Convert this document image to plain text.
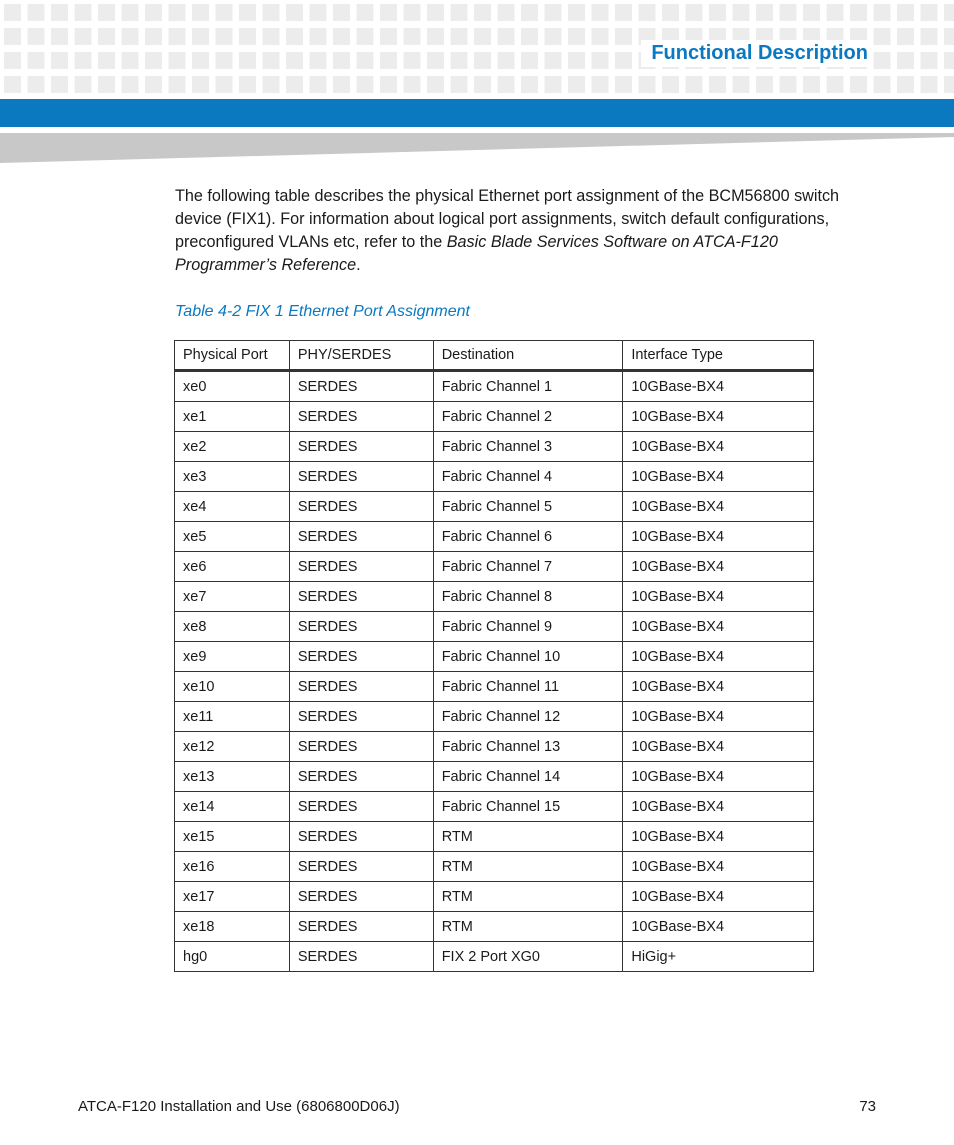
Functional Description

The following table describes the physical Ethernet port assignment of the BCM56800 switch device (FIX1). For information about logical port assignments, switch default configurations, preconfigured VLANs etc, refer to the Basic Blade Services Software on ATCA-F120 Programmer’s Reference.

Table 4-2 FIX 1 Ethernet Port Assignment
Physical Port	PHY/SERDES	Destination	Interface Type
xe0	SERDES	Fabric Channel 1	10GBase-BX4
xe1	SERDES	Fabric Channel 2	10GBase-BX4
xe2	SERDES	Fabric Channel 3	10GBase-BX4
xe3	SERDES	Fabric Channel 4	10GBase-BX4
xe4	SERDES	Fabric Channel 5	10GBase-BX4
xe5	SERDES	Fabric Channel 6	10GBase-BX4
xe6	SERDES	Fabric Channel 7	10GBase-BX4
xe7	SERDES	Fabric Channel 8	10GBase-BX4
xe8	SERDES	Fabric Channel 9	10GBase-BX4
xe9	SERDES	Fabric Channel 10	10GBase-BX4
xe10	SERDES	Fabric Channel 11	10GBase-BX4
xe11	SERDES	Fabric Channel 12	10GBase-BX4
xe12	SERDES	Fabric Channel 13	10GBase-BX4
xe13	SERDES	Fabric Channel 14	10GBase-BX4
xe14	SERDES	Fabric Channel 15	10GBase-BX4
xe15	SERDES	RTM	10GBase-BX4
xe16	SERDES	RTM	10GBase-BX4
xe17	SERDES	RTM	10GBase-BX4
xe18	SERDES	RTM	10GBase-BX4
hg0	SERDES	FIX 2 Port XG0	HiGig+
ATCA-F120 Installation and Use (6806800D06J)	73
